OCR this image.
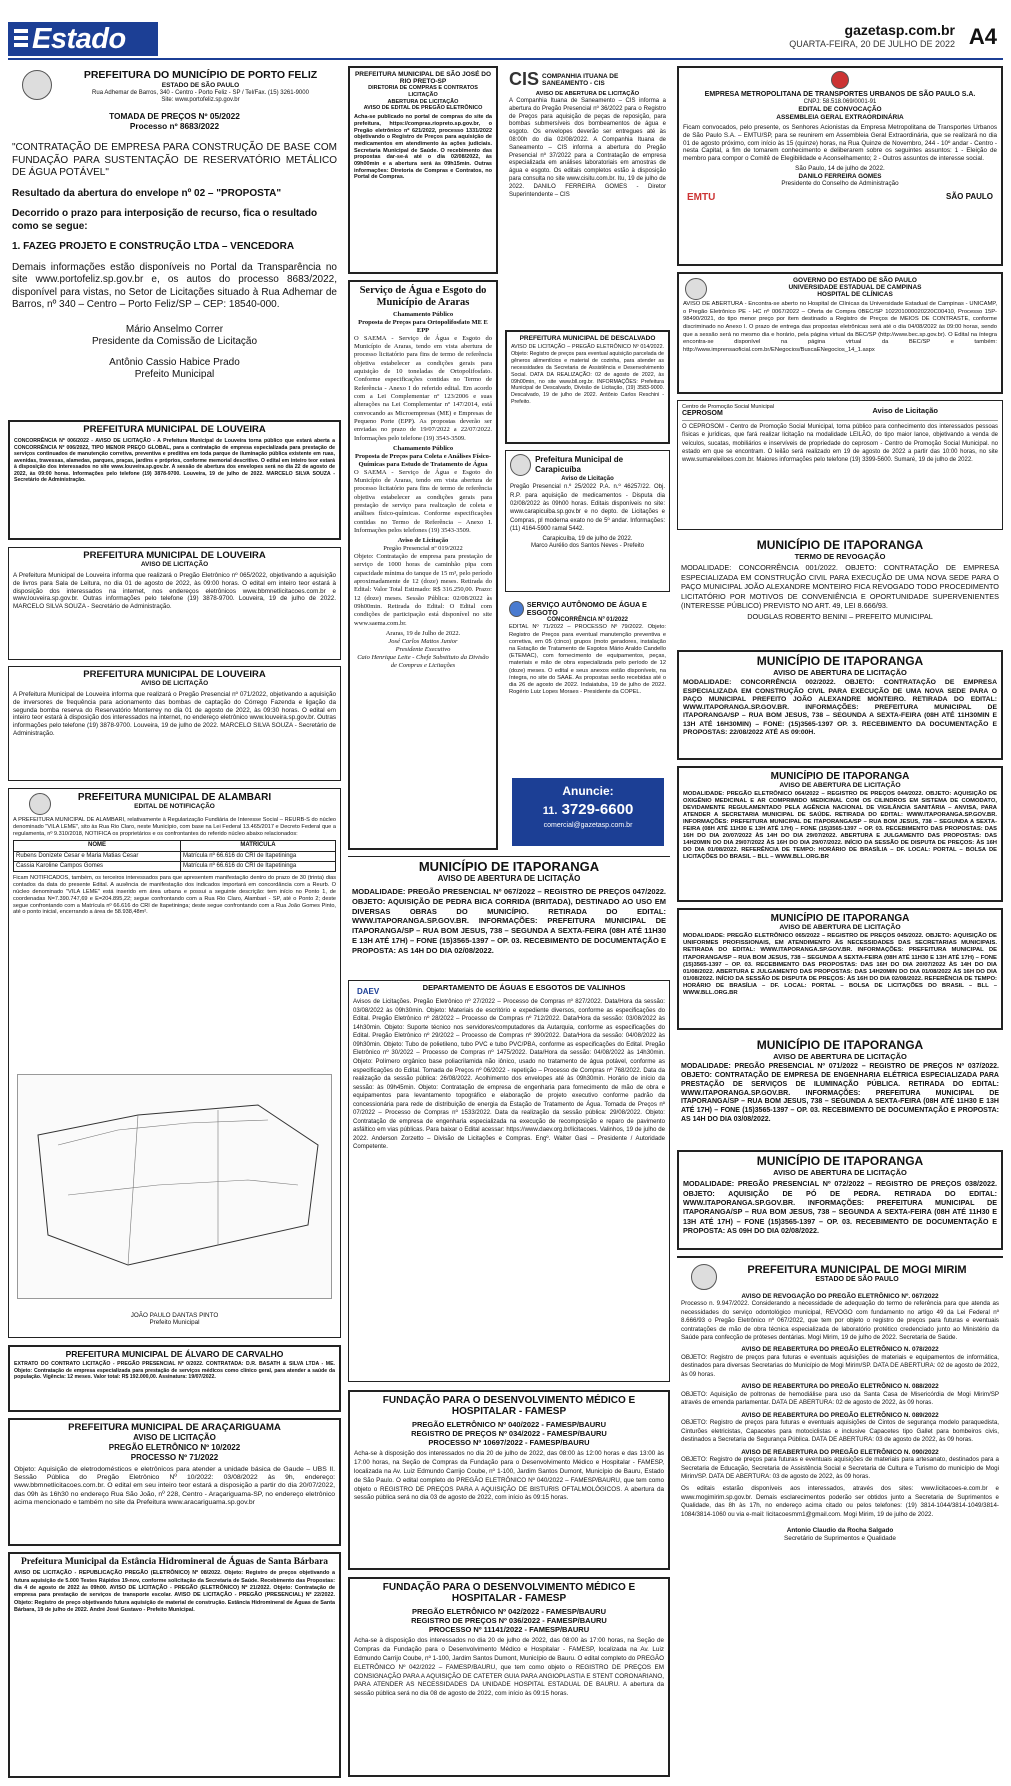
Estado	gazetasp.com.br
QUARTA-FEIRA, 20 DE JULHO DE 2022 A4
PREFEITURA DO MUNICÍPIO DE PORTO FELIZ
ESTADO DE SÃO PAULO
Rua Adhemar de Barros, 340 - Centro - Porto Feliz - SP / Tel/Fax. (15) 3261-9000
Site: www.portofeliz.sp.gov.br
TOMADA DE PREÇOS Nº 05/2022
Processo nº 8683/2022

"CONTRATAÇÃO DE EMPRESA PARA CONSTRUÇÃO DE BASE COM FUNDAÇÃO PARA SUSTENTAÇÃO DE RESERVATÓRIO METÁLICO DE ÁGUA POTÁVEL"

Resultado da abertura do envelope nº 02 – "PROPOSTA"

Decorrido o prazo para interposição de recurso, fica o resultado como se segue:

1. FAZEG PROJETO E CONSTRUÇÃO LTDA – VENCEDORA

Demais informações estão disponíveis no Portal da Transparência no site www.portofeliz.sp.gov.br e, os autos do processo 8683/2022, disponível para vistas, no Setor de Licitações situado à Rua Adhemar de Barros, nº 340 – Centro – Porto Feliz/SP – CEP: 18540-000.

Mário Anselmo Correr
Presidente da Comissão de Licitação
Antônio Cassio Habice Prado
Prefeito Municipal
PREFEITURA MUNICIPAL DE LOUVEIRA

CONCORRÊNCIA Nº 006/2022 - AVISO DE LICITAÇÃO - A Prefeitura Municipal de Louveira torna público que estará aberta a CONCORRÊNCIA Nº 006/2022, TIPO MENOR PREÇO GLOBAL, para a contratação de empresa especializada para prestação de serviços continuados de manutenção corretiva, preventiva e preditiva em toda parque de iluminação pública existente em ruas, avenidas, travessas, alamedas, parques, praças, jardins e próprios, conforme memorial descritivo. O edital em inteiro teor estará à disposição dos interessados no site www.louveira.sp.gov.br. A sessão de abertura dos envelopes será no dia 22 de agosto de 2022, às 09:00 horas. Informações pelo telefone (19) 3878-9700. Louveira, 19 de julho de 2022. MARCELO SILVA SOUZA - Secretário de Administração.

PREFEITURA MUNICIPAL DE LOUVEIRA
AVISO DE LICITAÇÃO

A Prefeitura Municipal de Louveira informa que realizará o Pregão Eletrônico nº 065/2022, objetivando a aquisição de livros para Sala de Leitura, no dia 01 de agosto de 2022, às 09:00 horas. O edital em inteiro teor estará à disposição dos interessados na internet, nos endereços eletrônicos www.bbmnetlicitacoes.com.br e www.louveira.sp.gov.br. Outras informações pelo telefone (19) 3878-9700. Louveira, 19 de julho de 2022. MARCELO SILVA SOUZA - Secretário de Administração.

PREFEITURA MUNICIPAL DE LOUVEIRA
AVISO DE LICITAÇÃO

A Prefeitura Municipal de Louveira informa que realizará o Pregão Presencial nº 071/2022, objetivando a aquisição de inversores de frequência para acionamento das bombas de captação do Córrego Fazenda e ligação da segunda bomba reserva do Reservatório Monterrey no dia 01 de agosto de 2022, às 09:30 horas. O edital em inteiro teor estará à disposição dos interessados na internet, no endereço eletrônico www.louveira.sp.gov.br. Outras informações pelo telefone (19) 3878-9700. Louveira, 19 de julho de 2022. MARCELO SILVA SOUZA - Secretário de Administração.

PREFEITURA MUNICIPAL DE ALAMBARI
EDITAL DE NOTIFICAÇÃO

A PREFEITURA MUNICIPAL DE ALAMBARI, relativamente à Regularização Fundiária de Interesse Social – REURB-S do núcleo denominado "VILA LEME", sito às Rua Rio Claro, neste Município, com base na Lei Federal 13.465/2017 e Decreto Federal que a regulamenta, nº 9.310/2018, NOTIFICA os proprietários e os confrontantes do referido núcleo abaixo relacionados:

NOME	MATRÍCULA
Rubens Donizete Cesar e Maria Matias Cesar	Matrícula nº 66.616 do CRI de Itapetininga
Cassia Karoline Campos Gomes	Matrícula nº 66.616 do CRI de Itapetininga

Ficam NOTIFICADOS, também, os terceiros interessados para que apresentem manifestação dentro do prazo de 30 (trinta) dias contados da data do presente Edital. A ausência de manifestação dos indicados importará em concordância com a Reurb. O núcleo denominado "VILA LEME" está inserido em área urbana e possui a seguinte descrição: tem início no Ponto 1, de coordenadas N=7.390.747,69 e E=204.895,22; segue confrontando com a Rua Rio Claro, Alambari - SP, até o Ponto 2; deste segue confrontando com a Matrícula nº 66.616 do CRI de Itapetininga; deste segue confrontando com a Rua João Gomes Pinto, até o ponto inicial, encerrando a área de 58.938,48m².

JOÃO PAULO DANTAS PINTO
Prefeito Municipal
PREFEITURA MUNICIPAL DE ÁLVARO DE CARVALHO

EXTRATO DO CONTRATO LICITAÇÃO - PREGÃO PRESENCIAL Nº 0/2022. CONTRATADA: D.R. BASATH & SILVA LTDA - ME. Objeto: Contratação de empresa especializada para prestação de serviços médicos como clínico geral, para atender a saúde da população. Vigência: 12 meses. Valor total: R$ 192.000,00. Assinatura: 19/07/2022.

PREFEITURA MUNICIPAL DE ARAÇARIGUAMA
AVISO DE LICITAÇÃO
PREGÃO ELETRÔNICO Nº 10/2022
PROCESSO Nº 71/2022

Objeto: Aquisição de eletrodomésticos e eletrônicos para atender a unidade básica de Gaude – UBS II. Sessão Pública do Pregão Eletrônico Nº 10/2022: 03/08/2022 às 9h, endereço: www.bbmnetlicitacoes.com.br. O edital em seu inteiro teor estará a disposição a partir do dia 20/07/2022, das 09h às 16h30 no endereço Rua São João, nº 228, Centro - Araçariguama-SP, no endereço eletrônico acima mencionado e também no site da Prefeitura www.aracariguama.sp.gov.br

Prefeitura Municipal da Estância Hidromineral de Águas de Santa Bárbara

AVISO DE LICITAÇÃO - REPUBLICAÇÃO PREGÃO (ELETRÔNICO) Nº 08/2022. Objeto: Registro de preços objetivando a futura aquisição de 5.000 Testes Rápidos 19-nov, conforme solicitação da Secretaria de Saúde. Recebimento das Propostas: dia 4 de agosto de 2022 às 09h00. AVISO DE LICITAÇÃO - PREGÃO (ELETRÔNICO) Nº 21/2022. Objeto: Contratação de empresa para prestação de serviços de transporte escolar. AVISO DE LICITAÇÃO - PREGÃO (PRESENCIAL) Nº 22/2022. Objeto: Registro de preço objetivando futura aquisição de material de construção. Estância Hidromineral de Águas de Santa Bárbara, 19 de julho de 2022. André José Gustavo - Prefeito Municipal.

PREFEITURA MUNICIPAL DE SÃO JOSÉ DO RIO PRETO-SP
DIRETORIA DE COMPRAS E CONTRATOS
LICITAÇÃO
ABERTURA DE LICITAÇÃO
AVISO DE EDITAL DE PREGÃO ELETRÔNICO

Acha-se publicado no portal de compras do site da prefeitura, https://compras.riopreto.sp.gov.br, o Pregão eletrônico nº 621/2022, processo 1331/2022 objetivando o Registro de Preços para aquisição de medicamentos em atendimento às ações judiciais. Secretaria Municipal de Saúde. O recebimento das propostas dar-se-á até o dia 02/08/2022, às 09h00min e a abertura será às 09h15min. Outras informações: Diretoria de Compras e Contratos, no Portal de Compras.

Serviço de Água e Esgoto do Município de Araras
Chamamento Público
Proposta de Preços para Ortopolifosfato ME E EPP

O SAEMA - Serviço de Água e Esgoto do Município de Araras, tendo em vista abertura de processo licitatório para fins de termo de referência objetiva estabelecer as condições gerais para aquisição de 10 toneladas de Ortopolifosfato. Conforme especificações contidas no Termo de Referência - Anexo I do referido edital. Em acordo com a Lei Complementar nº 123/2006 e suas alterações na Lei Complementar nº 147/2014, está convocando as Microempresas (ME) e Empresas de Pequeno Porte (EPP). As propostas deverão ser enviadas no prazo de 19/07/2022 a 22/07/2022. Informações pelo telefone (19) 3543-3509.

Chamamento Público
Proposta de Preços para Coleta e Análises Físico-Químicas para Estudo de Tratamento de Água

O SAEMA - Serviço de Água e Esgoto do Município de Araras, tendo em vista abertura de processo licitatório para fins de termo de referência objetiva estabelecer as condições gerais para prestação de serviço para realização de coleta e análises físico-químicas. Conforme especificações contidas no Termo de Referência – Anexo I. Informações pelos telefones (19) 3543-3509.

Aviso de Licitação
Pregão Presencial nº 019/2022

Objeto: Contratação de empresa para prestação de serviço de 1000 horas de caminhão pipa com capacidade mínima do tanque de 15 m³, pelo período aproximadamente de 12 (doze) meses. Retirada do Edital: Valor Total Estimado: R$ 316.250,00. Prazo: 12 (doze) meses. Sessão Pública: 02/08/2022 às 09h00min. Retirada do Edital: O Edital com condições de participação está disponível no site www.saema.com.br.

Araras, 19 de Julho de 2022.
José Carlos Mattos Junior
Presidente Executivo
Caio Henrique Leite - Chefe Substituto da Divisão de Compras e Licitações
CIS COMPANHIA ITUANA DE SANEAMENTO - CIS
AVISO DE ABERTURA DE LICITAÇÃO

A Companhia Ituana de Saneamento – CIS informa a abertura do Pregão Presencial nº 36/2022 para o Registro de Preços para aquisição de peças de reposição, para bombas submersíveis dos bombeamentos de água e esgoto. Os envelopes deverão ser entregues até às 08:00h do dia 02/08/2022. A Companhia Ituana de Saneamento – CIS informa a abertura do Pregão Presencial nº 37/2022 para a Contratação de empresa especializada em análises laboratoriais em amostras de água e esgoto. Os editais completos estão à disposição para consulta no site www.cisitu.com.br. Itu, 19 de julho de 2022. DANILO FERREIRA GOMES - Diretor Superintendente – CIS

PREFEITURA MUNICIPAL DE DESCALVADO

AVISO DE LICITAÇÃO – PREGÃO ELETRÔNICO Nº 014/2022. Objeto: Registro de preços para eventual aquisição parcelada de gêneros alimentícios e material de cozinha, para atender as necessidades da Secretaria de Assistência e Desenvolvimento Social. DATA DA REALIZAÇÃO: 02 de agosto de 2022, às 09h00min, no site www.bll.org.br. INFORMAÇÕES: Prefeitura Municipal de Descalvado, Divisão de Licitação, (19) 3583-9000. Descalvado, 19 de julho de 2022. Antônio Carlos Reschini - Prefeito.

Prefeitura Municipal de Carapicuíba
Aviso de Licitação

Pregão Presencial n.º 25/2022 P.A. n.º 46257/22. Obj. R.P. para aquisição de medicamentos - Disputa dia 02/08/2022 às 09h00 horas. Editais disponíveis no site: www.carapicuiba.sp.gov.br e no depto. de Licitações e Compras, pl moderna exato no de 5º andar. Informações: (11) 4164-5900 ramal 5442.

Carapicuíba, 19 de julho de 2022.
Marco Aurélio dos Santos Neves - Prefeito
SERVIÇO AUTÔNOMO DE ÁGUA E ESGOTO
CONCORRÊNCIA Nº 01/2022

EDITAL Nº 71/2022 – PROCESSO Nº 79/2022. Objeto: Registro de Preços para eventual manutenção preventiva e corretiva, em 05 (cinco) grupos (moto geradores, instalação na Estação de Tratamento de Esgotos Mário Araldo Candello (ETEMAC), com fornecimento de equipamentos, peças, materiais e mão de obra especializada pelo período de 12 (doze) meses. O edital e seus anexos estão disponíveis, na íntegra, no site do SAAE. As propostas serão recebidas até o dia 26 de agosto de 2022. Indaiatuba, 19 de julho de 2022. Rogério Luiz Lopes Moraes - Presidente da COPEL.

Anuncie:
11. 3729-6600
comercial@gazetasp.com.br
MUNICÍPIO DE ITAPORANGA
AVISO DE ABERTURA DE LICITAÇÃO

MODALIDADE: PREGÃO PRESENCIAL Nº 067/2022 – REGISTRO DE PREÇOS 047/2022. OBJETO: AQUISIÇÃO DE PEDRA BICA CORRIDA (BRITADA), DESTINADO AO USO EM DIVERSAS OBRAS DO MUNICÍPIO. RETIRADA DO EDITAL: WWW.ITAPORANGA.SP.GOV.BR. INFORMAÇÕES: PREFEITURA MUNICIPAL DE ITAPORANGA/SP – RUA BOM JESUS, 738 – SEGUNDA A SEXTA-FEIRA (08H ATÉ 11H30 E 13H ATÉ 17H) – FONE (15)3565-1397 – OP. 03. RECEBIMENTO DE DOCUMENTAÇÃO E PROPOSTA: AS 14H DO DIA 02/08/2022.

DAEV	DEPARTAMENTO DE ÁGUAS E ESGOTOS DE VALINHOS

Avisos de Licitações. Pregão Eletrônico nº 27/2022 – Processo de Compras nº 827/2022. Data/Hora da sessão: 03/08/2022 às 09h30min. Objeto: Materiais de escritório e expediente diversos, conforme as especificações do Edital. Pregão Eletrônico nº 28/2022 – Processo de Compras nº 712/2022. Data/Hora da sessão: 03/08/2022 às 14h30min. Objeto: Suporte técnico nos servidores/computadores da Autarquia, conforme as especificações do Edital. Pregão Eletrônico nº 29/2022 – Processo de Compras nº 390/2022. Data/Hora da sessão: 04/08/2022 às 09h30min. Objeto: Tubo de polietileno, tubo PVC e tubo PVC/PBA, conforme as especificações do Edital. Pregão Eletrônico nº 30/2022 – Processo de Compras nº 1475/2022. Data/Hora da sessão: 04/08/2022 às 14h30min. Objeto: Polímero orgânico base poliacrilamida não iônico, usado no tratamento de água potável, conforme as especificações do Edital. Tomada de Preços nº 06/2022 - repetição – Processo de Compras nº 768/2022. Data da realização da sessão pública: 26/08/2022. Acolhimento dos envelopes até às 09h30min. Horário de início da sessão: às 09h45min. Objeto: Contratação de empresa de engenharia para fornecimento de mão de obra e equipamentos para levantamento topográfico e elaboração de projeto executivo conforme padrão da concessionária para rede de distribuição de energia da Estação de Tratamento de Água. Tomada de Preços nº 07/2022 – Processo de Compras nº 1533/2022. Data da realização da sessão pública: 29/08/2022. Objeto: Contratação de empresa de engenharia especializada na execução de recomposição e reparo de pavimento asfáltico em vias públicas. Para baixar o Edital acessar: https://www.daev.org.br/licitacoes. Valinhos, 19 de julho de 2022. Anderson Zorzetto – Divisão de Licitações e Compras. Engº. Walter Gasi – Presidente / Autoridade Competente.

FUNDAÇÃO PARA O DESENVOLVIMENTO MÉDICO E HOSPITALAR - FAMESP
PREGÃO ELETRÔNICO Nº 040/2022 - FAMESP/BAURU
REGISTRO DE PREÇOS Nº 034/2022 - FAMESP/BAURU
PROCESSO Nº 10697/2022 - FAMESP/BAURU

Acha-se à disposição dos interessados no dia 20 de julho de 2022, das 08:00 às 12:00 horas e das 13:00 às 17:00 horas, na Seção de Compras da Fundação para o Desenvolvimento Médico e Hospitalar - FAMESP, localizada na Av. Luiz Edmundo Carrijo Coube, nº 1-100, Jardim Santos Dumont, Município de Bauru, Estado de São Paulo. O edital completo do PREGÃO ELETRÔNICO Nº 040/2022 – FAMESP/BAURU, que tem como objeto o REGISTRO DE PREÇOS PARA A AQUISIÇÃO DE BISTURIS OFTALMOLÓGICOS. A abertura da sessão pública será no dia 03 de agosto de 2022, com início às 09:15 horas.

FUNDAÇÃO PARA O DESENVOLVIMENTO MÉDICO E HOSPITALAR - FAMESP
PREGÃO ELETRÔNICO Nº 042/2022 - FAMESP/BAURU
REGISTRO DE PREÇOS Nº 036/2022 - FAMESP/BAURU
PROCESSO Nº 11141/2022 - FAMESP/BAURU

Acha-se à disposição dos interessados no dia 20 de julho de 2022, das 08:00 às 17:00 horas, na Seção de Compras da Fundação para o Desenvolvimento Médico e Hospitalar - FAMESP, localizada na Av. Luiz Edmundo Carrijo Coube, nº 1-100, Jardim Santos Dumont, Município de Bauru. O edital completo do PREGÃO ELETRÔNICO Nº 042/2022 – FAMESP/BAURU, que tem como objeto o REGISTRO DE PREÇOS EM CONSIGNAÇÃO PARA A AQUISIÇÃO DE CATETER GUIA PARA ANGIOPLASTIA E STENT CORONARIANO, PARA ATENDER AS NECESSIDADES DA UNIDADE HOSPITAL ESTADUAL DE BAURU. A abertura da sessão pública será no dia 08 de agosto de 2022, com início às 09:15 horas.

EMPRESA METROPOLITANA DE TRANSPORTES URBANOS DE SÃO PAULO S.A.
CNPJ: 58.518.069/0001-91
EDITAL DE CONVOCAÇÃO
ASSEMBLEIA GERAL EXTRAORDINÁRIA

Ficam convocados, pelo presente, os Senhores Acionistas da Empresa Metropolitana de Transportes Urbanos de São Paulo S.A. – EMTU/SP, para se reunirem em Assembleia Geral Extraordinária, que se realizará no dia 01 de agosto próximo, com início às 15 (quinze) horas, na Rua Quinze de Novembro, 244 - 10º andar - Centro - nesta Capital, a fim de tomarem conhecimento e deliberarem sobre os seguintes assuntos: 1 - Eleição de membro para compor o Comitê de Elegibilidade e Aconselhamento; 2 - Outros assuntos de interesse social.

São Paulo, 14 de julho de 2022.
DANILO FERREIRA GOMES
Presidente do Conselho de Administração
EMTU	SÃO PAULO
GOVERNO DO ESTADO DE SÃO PAULO
UNIVERSIDADE ESTADUAL DE CAMPINAS
HOSPITAL DE CLÍNICAS

AVISO DE ABERTURA - Encontra-se aberto no Hospital de Clínicas da Universidade Estadual de Campinas - UNICAMP, o Pregão Eletrônico PE - HC nº 0067/2022 – Oferta de Compra 0BEC/SP 102201000020220C00410, Processo 15P-98490/2021, do tipo menor preço por item destinado a Registro de Preços de MEIOS DE CONTRASTE, conforme discriminado no Anexo I. O prazo de entrega das propostas eletrônicas será até o dia 04/08/2022 às 09:00 horas, sendo que a sessão será no mesmo dia e horário, pela página virtual da BEC/SP (http://www.bec.sp.gov.br). O Edital na íntegra encontra-se disponível na página virtual da BEC/SP e também: http://www.imprensaoficial.com.br/ENegocios/BuscaENegocios_14_1.aspx

Centro de Promoção Social Municipal
CEPROSOM	Aviso de Licitação

O CEPROSOM - Centro de Promoção Social Municipal, torna público para conhecimento dos interessados pessoas físicas e jurídicas, que fará realizar licitação na modalidade LEILÃO, do tipo maior lance, objetivando a venda de veículos, sucatas, mobiliários e inservíveis de propriedade do ceprosom - Centro de Promoção Social Municipal. no estado em que se encontram. O leilão será realizado em 19 de agosto de 2022 a partir das 10:00 horas, no site www.sumareleiloes.com.br. Maiores informações pelo telefone (19) 3399-5600. Sumaré, 19 de julho de 2022.

MUNICÍPIO DE ITAPORANGA
TERMO DE REVOGAÇÃO

MODALIDADE: CONCORRÊNCIA 001/2022. OBJETO: CONTRATAÇÃO DE EMPRESA ESPECIALIZADA EM CONSTRUÇÃO CIVIL PARA EXECUÇÃO DE UMA NOVA SEDE PARA O PAÇO MUNICIPAL JOÃO ALEXANDRE MONTEIRO FICA REVOGADO TODO PROCEDIMENTO LICITATÓRIO POR MOTIVOS DE CONVENIÊNCIA E OPORTUNIDADE SUPERVENIENTES (INTERESSE PÚBLICO) PREVISTO NO ART. 49, LEI 8.666/93.

DOUGLAS ROBERTO BENINI – PREFEITO MUNICIPAL
MUNICÍPIO DE ITAPORANGA
AVISO DE ABERTURA DE LICITAÇÃO

MODALIDADE: CONCORRÊNCIA 002/2022. OBJETO: CONTRATAÇÃO DE EMPRESA ESPECIALIZADA EM CONSTRUÇÃO CIVIL PARA EXECUÇÃO DE UMA NOVA SEDE PARA O PAÇO MUNICIPAL PREFEITO JOÃO ALEXANDRE MONTEIRO. RETIRADA DO EDITAL: WWW.ITAPORANGA.SP.GOV.BR. INFORMAÇÕES: PREFEITURA MUNICIPAL DE ITAPORANGA/SP – RUA BOM JESUS, 738 – SEGUNDA A SEXTA-FEIRA (08H ATÉ 11H30MIN E 13H ATÉ 16H30MIN) – FONE: (15)3565-1397 OP. 3. RECEBIMENTO DA DOCUMENTAÇÃO E PROPOSTAS: 22/08/2022 ATÉ AS 09:00H.

MUNICÍPIO DE ITAPORANGA
AVISO DE ABERTURA DE LICITAÇÃO

MODALIDADE: PREGÃO ELETRÔNICO 064/2022 – REGISTRO DE PREÇOS 044/2022. OBJETO: AQUISIÇÃO DE OXIGÊNIO MEDICINAL E AR COMPRIMIDO MEDICINAL COM OS CILINDROS EM SISTEMA DE COMODATO, DEVIDAMENTE REGULAMENTADO PELA AGÊNCIA NACIONAL DE VIGILÂNCIA SANITÁRIA – ANVISA, PARA ATENDER A SECRETARIA MUNICIPAL DE SAÚDE. RETIRADA DO EDITAL: WWW.ITAPORANGA.SP.GOV.BR. INFORMAÇÕES: PREFEITURA MUNICIPAL DE ITAPORANGA/SP – RUA BOM JESUS, 738 – SEGUNDA A SEXTA-FEIRA (08H ATÉ 11H30 E 13H ATÉ 17H) – FONE (15)3565-1397 – OP. 03. RECEBIMENTO DAS PROPOSTAS: DAS 16H DO DIA 20/07/2022 ÀS 14H DO DIA 29/07/2022. ABERTURA E JULGAMENTO DAS PROPOSTAS: DAS 14H20MIN DO DIA 29/07/2022 ÀS 16H DO DIA 29/07/2022. INÍCIO DA SESSÃO DE DISPUTA DE PREÇOS: ÀS 16H DO DIA 01/08/2022. REFERÊNCIA DE TEMPO: HORÁRIO DE BRASÍLIA – DF. LOCAL: PORTAL – BOLSA DE LICITAÇÕES DO BRASIL – BLL – WWW.BLL.ORG.BR

MUNICÍPIO DE ITAPORANGA
AVISO DE ABERTURA DE LICITAÇÃO

MODALIDADE: PREGÃO ELETRÔNICO 065/2022 – REGISTRO DE PREÇOS 045/2022. OBJETO: AQUISIÇÃO DE UNIFORMES PROFISSIONAIS, EM ATENDIMENTO ÀS NECESSIDADES DAS SECRETARIAS MUNICIPAIS. RETIRADA DO EDITAL: WWW.ITAPORANGA.SP.GOV.BR. INFORMAÇÕES: PREFEITURA MUNICIPAL DE ITAPORANGA/SP – RUA BOM JESUS, 738 – SEGUNDA A SEXTA-FEIRA (08H ATÉ 11H30 E 13H ATÉ 17H) – FONE (15)3565-1397 – OP. 03. RECEBIMENTO DAS PROPOSTAS: DAS 16H DO DIA 20/07/2022 ÀS 14H DO DIA 01/08/2022. ABERTURA E JULGAMENTO DAS PROPOSTAS: DAS 14H20MIN DO DIA 01/08/2022 ÀS 16H DO DIA 01/08/2022. INÍCIO DA SESSÃO DE DISPUTA DE PREÇOS: ÀS 16H DO DIA 02/08/2022. REFERÊNCIA DE TEMPO: HORÁRIO DE BRASÍLIA – DF. LOCAL: PORTAL – BOLSA DE LICITAÇÕES DO BRASIL – BLL – WWW.BLL.ORG.BR

MUNICÍPIO DE ITAPORANGA
AVISO DE ABERTURA DE LICITAÇÃO

MODALIDADE: PREGÃO PRESENCIAL Nº 071/2022 – REGISTRO DE PREÇOS Nº 037/2022. OBJETO: CONTRATAÇÃO DE EMPRESA DE ENGENHARIA ELÉTRICA ESPECIALIZADA PARA PRESTAÇÃO DE SERVIÇOS DE ILUMINAÇÃO PÚBLICA. RETIRADA DO EDITAL: WWW.ITAPORANGA.SP.GOV.BR. INFORMAÇÕES: PREFEITURA MUNICIPAL DE ITAPORANGA/SP – RUA BOM JESUS, 738 – SEGUNDA A SEXTA-FEIRA (08H ATÉ 11H30 E 13H ATÉ 17H) – FONE (15)3565-1397 – OP. 03. RECEBIMENTO DE DOCUMENTAÇÃO E PROPOSTA: AS 14H DO DIA 03/08/2022.

MUNICÍPIO DE ITAPORANGA
AVISO DE ABERTURA DE LICITAÇÃO

MODALIDADE: PREGÃO PRESENCIAL Nº 072/2022 – REGISTRO DE PREÇOS 038/2022. OBJETO: AQUISIÇÃO DE PÓ DE PEDRA. RETIRADA DO EDITAL: WWW.ITAPORANGA.SP.GOV.BR. INFORMAÇÕES: PREFEITURA MUNICIPAL DE ITAPORANGA/SP – RUA BOM JESUS, 738 – SEGUNDA A SEXTA-FEIRA (08H ATÉ 11H30 E 13H ATÉ 17H) – FONE (15)3565-1397 – OP. 03. RECEBIMENTO DE DOCUMENTAÇÃO E PROPOSTA: AS 09H DO DIA 02/08/2022.

PREFEITURA MUNICIPAL DE MOGI MIRIM
ESTADO DE SÃO PAULO
AVISO DE REVOGAÇÃO DO PREGÃO ELETRÔNICO Nº. 067/2022

Processo n. 9.947/2022. Considerando a necessidade de adequação do termo de referência para que atenda as necessidades do serviço odontológico municipal, REVOGO com fundamento no artigo 49 da Lei Federal nº 8.666/93 o Pregão Eletrônico nº 067/2022, que tem por objeto o registro de preços para futuras e eventuais contratações de mão de obra técnica especializada de laboratório protético credenciado junto ao Ministério da Saúde para confecção de próteses dentárias. Mogi Mirim, 19 de julho de 2022. Secretaria de Saúde.

AVISO DE REABERTURA DO PREGÃO ELETRÔNICO N. 078/2022

OBJETO: Registro de preços para futuras e eventuais aquisições de materiais e equipamentos de informática, destinados para diversas Secretarias do Município de Mogi Mirim/SP. DATA DE ABERTURA: 02 de agosto de 2022, às 09 horas.

AVISO DE REABERTURA DO PREGÃO ELETRÔNICO N. 088/2022

OBJETO: Aquisição de poltronas de hemodiálise para uso da Santa Casa de Misericórdia de Mogi Mirim/SP através de emenda parlamentar. DATA DE ABERTURA: 02 de agosto de 2022, às 09 horas.

AVISO DE REABERTURA DO PREGÃO ELETRÔNICO N. 089/2022

OBJETO: Registro de preços para futuras e eventuais aquisições de Cintos de segurança modelo paraquedista, Cinturões eletricistas, Capacetes para motociclistas e inclusive Capacetes tipo Gallet para bombeiros civis, destinados a Secretaria de Segurança Pública. DATA DE ABERTURA: 03 de agosto de 2022, às 09 horas.

AVISO DE REABERTURA DO PREGÃO ELETRÔNICO N. 090/2022

OBJETO: Registro de preços para futuras e eventuais aquisições de materiais para artesanato, destinados para a Secretaria de Educação, Secretaria de Assistência Social e Secretaria de Cultura e Turismo do município de Mogi Mirim/SP. DATA DE ABERTURA: 03 de agosto de 2022, às 09 horas.

Os editais estarão disponíveis aos interessados, através dos sites: www.licitacoes-e.com.br e www.mogimirim.sp.gov.br. Demais esclarecimentos poderão ser obtidos junto a Secretaria de Suprimentos e Qualidade, das 8h às 17h, no endereço acima citado ou pelos telefones: (19) 3814-1044/3814-1049/3814-1084/3814-1060 ou via e-mail: licitacoesmm1@gmail.com. Mogi Mirim, 19 de julho de 2022.

Antonio Claudio da Rocha Salgado
Secretário de Suprimentos e Qualidade
